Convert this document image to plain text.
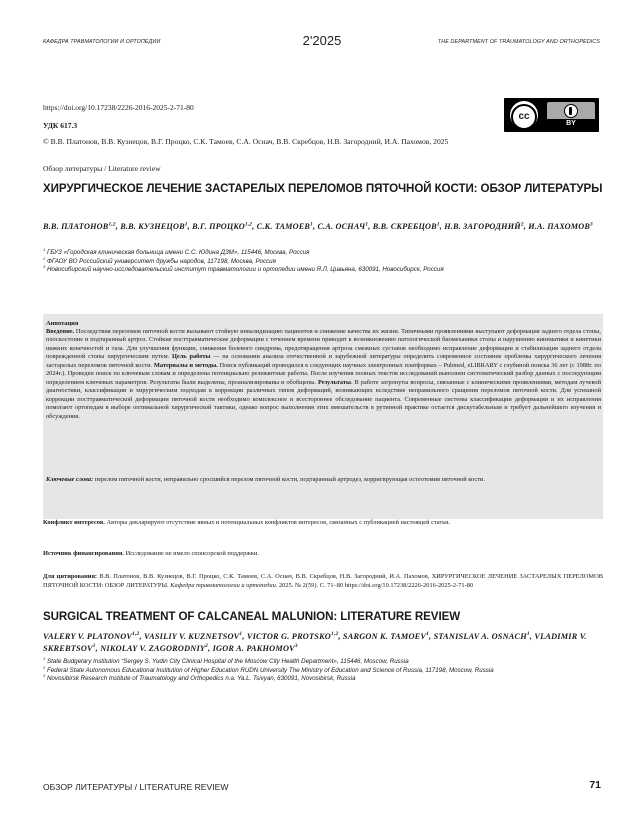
КАФЕДРА ТРАВМАТОЛОГИИ И ОРТОПЕДИИ	2'2025	THE DEPARTMENT OF TRAUMATOLOGY AND ORTHOPEDICS
https://doi.org/10.17238/2226-2016-2025-2-71-80
УДК 617.3
cc
BY
© В.В. Платонов, В.В. Кузнецов, В.Г. Процко, С.К. Тамоев, С.А. Оснач, В.В. Скребцов, Н.В. Загородний, И.А. Пахомов, 2025
Обзор литературы / Literature review
ХИРУРГИЧЕСКОЕ ЛЕЧЕНИЕ ЗАСТАРЕЛЫХ ПЕРЕЛОМОВ ПЯТОЧНОЙ КОСТИ: ОБЗОР ЛИТЕРАТУРЫ
В.В. ПЛАТОНОВ$^{1,2}$, В.В. КУЗНЕЦОВ$^1$, В.Г. ПРОЦКО$^{1,2}$, С.К. ТАМОЕВ$^1$, С.А. ОСНАЧ$^1$, В.В. СКРЕБЦОВ$^1$, Н.В. ЗАГОРОДНИЙ$^2$, И.А. ПАХОМОВ$^3$
$^1$ ГБУЗ «Городская клиническая больница имени С.С. Юдина ДЗМ», 115446, Москва, Россия
$^2$ ФГАОУ ВО Российский университет дружбы народов, 117198, Москва, Россия
$^3$ Новосибирский научно-исследовательский институт травматологии и ортопедии имени Я.Л. Цивьяна, 630091, Новосибирск, Россия
Аннотация
Введение. Последствия переломов пяточной кости вызывают стойкую инвалидизацию пациентов и снижение качества их жизни. Типичными проявлениями выступают деформация заднего отдела стопы, плоскостопие и подтаранный артроз. Стойкие посттравматические деформации с течением времени приводят к возникновению патологической биомеханики стопы и нарушению кинематики и кинетики нижних конечностей и таза. Для улучшения функции, снижения болевого синдрома, предотвращения артроза смежных суставов необходимо исправление деформации и стабилизация заднего отдела поврежденной стопы хирургическим путем. Цель работы — на основании анализа отечественной и зарубежной литературы определить современное состояние проблемы хирургического лечения застарелых переломов пяточной кости. Материалы и методы. Поиск публикаций проводился в следующих научных электронных платформах – Pubmed, eLIBRARY с глубиной поиска 36 лет (с 1988г. по 2024г.). Проведен поиск по ключевым словам и определены потенциально релевантные работы. После изучения полных текстов исследований выполнен систематический разбор данных с последующим определением ключевых параметров. Результаты были выделены, проанализированы и обобщены. Результаты. В работе затронуты вопросы, связанные с клиническими проявлениями, методам лучевой диагностики, классификации и хирургическим подходам к коррекции различных типов деформаций, возникающих вследствие неправильного сращения переломов пяточной кости. Для успешной коррекции посттравматической деформации пяточной кости необходимо комплексное и всестороннее обследование пациента. Современные системы классификации деформации и их исправления помогают ортопедам в выборе оптимальной хирургической тактики, однако вопрос выполнения этих вмешательств в рутинной практике остается дискутабельным и требует дальнейшего изучения и обсуждения.
Ключевые слова: перелом пяточной кости, неправильно сросшийся перелом пяточной кости, подтаранный артродез, корригирующая остеотомия пяточной кости.
Конфликт интересов. Авторы декларируют отсутствие явных и потенциальных конфликтов интересов, связанных с публикацией настоящей статьи.
Источник финансирования. Исследование не имело спонсорской поддержки.
Для цитирования: В.В. Платонов, В.В. Кузнецов, В.Г. Процко, С.К. Тамоев, С.А. Оснач, В.В. Скребцов, Н.В. Загородний, И.А. Пахомов, ХИРУРГИЧЕСКОЕ ЛЕЧЕНИЕ ЗАСТАРЕЛЫХ ПЕРЕЛОМОВ ПЯТОЧНОЙ КОСТИ: ОБЗОР ЛИТЕРАТУРЫ. Кафедра травматологии и ортопедии. 2025. № 2(59). С. 71–80 https://doi.org/10.17238/2226-2016-2025-2-71-80
SURGICAL TREATMENT OF CALCANEAL MALUNION: LITERATURE REVIEW
VALERY V. PLATONOV$^{1,2}$, VASILIY V. KUZNETSOV$^1$, VICTOR G. PROTSKO$^{1,2}$, SARGON K. TAMOEV$^1$, STANISLAV A. OSNACH$^1$, VLADIMIR V. SKREBTSOV$^1$, NIKOLAY V. ZAGORODNIY$^2$, IGOR A. PAKHOMOV$^3$
$^1$ State Budgetary Institution “Sergey S. Yudin City Clinical Hospital of the Moscow City Health Department», 115446, Moscow, Russia
$^2$ Federal State Autonomous Educational Institution of Higher Education RUDN University The Ministry of Education and Science of Russia, 117198, Moscow, Russia
$^3$ Novosibirsk Research Institute of Traumatology and Orthopedics n.a. Ya.L. Tsivyan, 630091, Novosibirsk, Russia
ОБЗОР ЛИТЕРАТУРЫ / LITERATURE REVIEW	71
